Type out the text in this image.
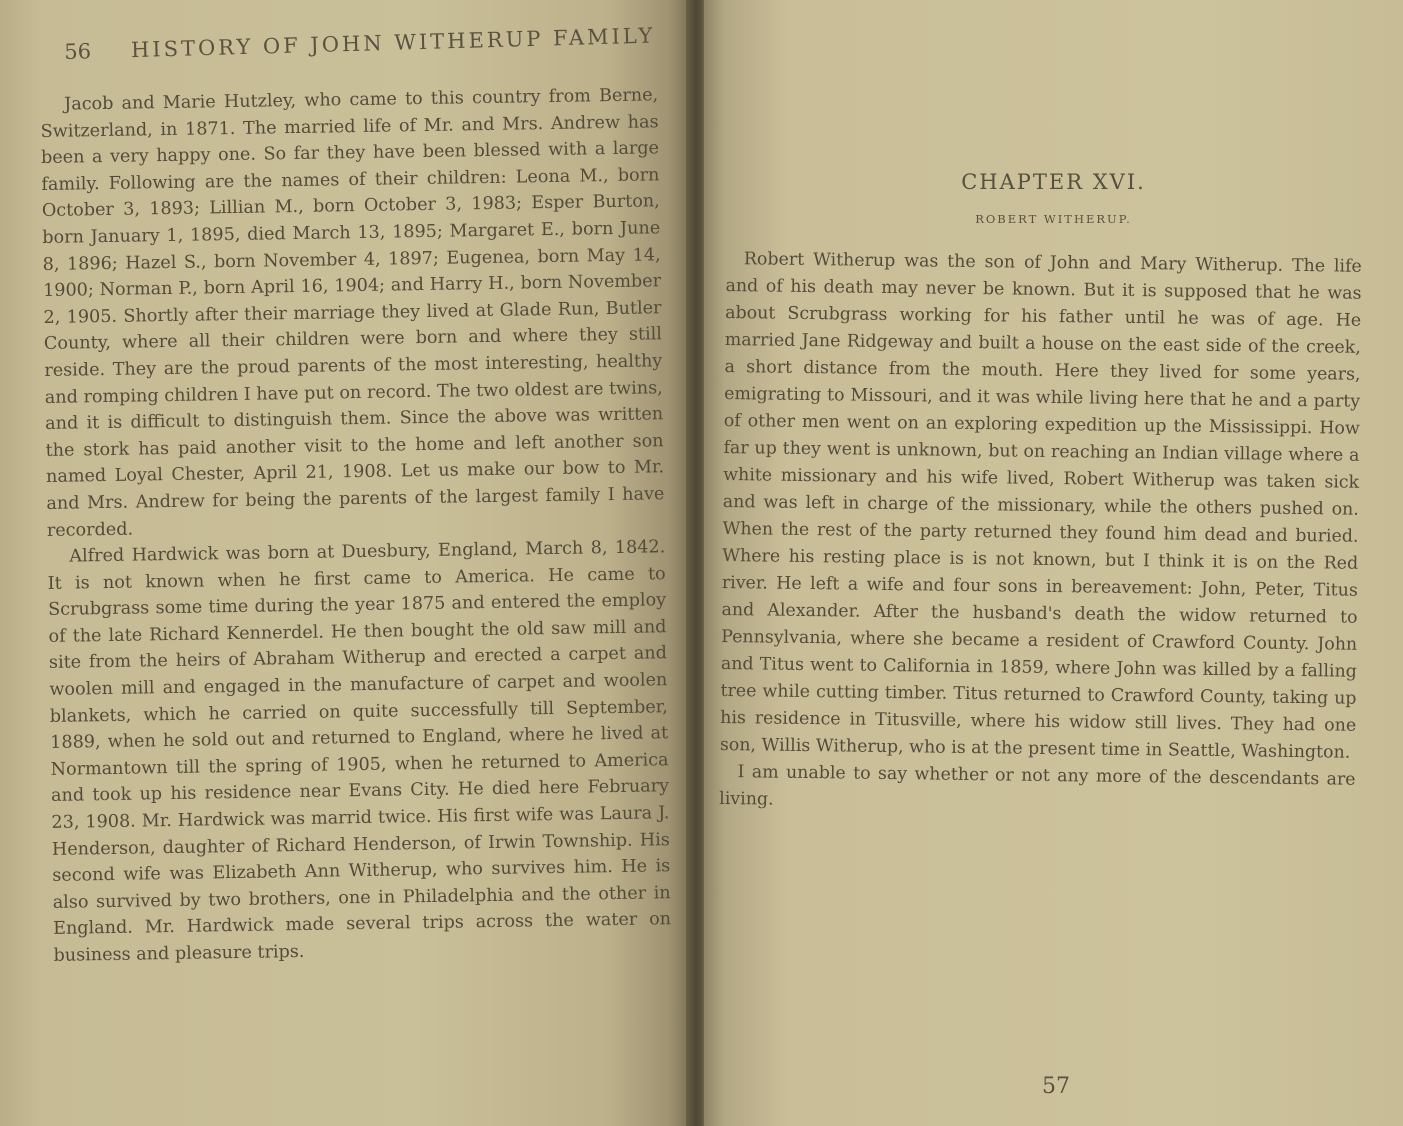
56 HISTORY OF JOHN WITHERUP FAMILY

Jacob and Marie Hutzley, who came to this country from Berne, Switzerland, in 1871. The married life of Mr. and Mrs. Andrew has been a very happy one. So far they have been blessed with a large family. Following are the names of their children: Leona M., born October 3, 1893; Lillian M., born October 3, 1983; Esper Burton, born January 1, 1895, died March 13, 1895; Margaret E., born June 8, 1896; Hazel S., born November 4, 1897; Eugenea, born May 14, 1900; Norman P., born April 16, 1904; and Harry H., born November 2, 1905. Shortly after their marriage they lived at Glade Run, Butler County, where all their children were born and where they still reside. They are the proud parents of the most interesting, healthy and romping children I have put on record. The two oldest are twins, and it is difficult to distinguish them. Since the above was written the stork has paid another visit to the home and left another son named Loyal Chester, April 21, 1908. Let us make our bow to Mr. and Mrs. Andrew for being the parents of the largest family I have recorded.

Alfred Hardwick was born at Duesbury, England, March 8, 1842. It is not known when he first came to America. He came to Scrubgrass some time during the year 1875 and entered the employ of the late Richard Kennerdel. He then bought the old saw mill and site from the heirs of Abraham Witherup and erected a carpet and woolen mill and engaged in the manufacture of carpet and woolen blankets, which he carried on quite successfully till September, 1889, when he sold out and returned to England, where he lived at Normantown till the spring of 1905, when he returned to America and took up his residence near Evans City. He died here February 23, 1908. Mr. Hardwick was marrid twice. His first wife was Laura J. Henderson, daughter of Richard Henderson, of Irwin Township. His second wife was Elizabeth Ann Witherup, who survives him. He is also survived by two brothers, one in Philadelphia and the other in England. Mr. Hardwick made several trips across the water on business and pleasure trips.

CHAPTER XVI.
ROBERT WITHERUP.

Robert Witherup was the son of John and Mary Witherup. The life and of his death may never be known. But it is supposed that he was about Scrubgrass working for his father until he was of age. He married Jane Ridgeway and built a house on the east side of the creek, a short distance from the mouth. Here they lived for some years, emigrating to Missouri, and it was while living here that he and a party of other men went on an exploring expedition up the Mississippi. How far up they went is unknown, but on reaching an Indian village where a white missionary and his wife lived, Robert Witherup was taken sick and was left in charge of the missionary, while the others pushed on. When the rest of the party returned they found him dead and buried. Where his resting place is is not known, but I think it is on the Red river. He left a wife and four sons in bereavement: John, Peter, Titus and Alexander. After the husband's death the widow returned to Pennsylvania, where she became a resident of Crawford County. John and Titus went to California in 1859, where John was killed by a falling tree while cutting timber. Titus returned to Crawford County, taking up his residence in Titusville, where his widow still lives. They had one son, Willis Witherup, who is at the present time in Seattle, Washington.

I am unable to say whether or not any more of the descendants are living.

57
